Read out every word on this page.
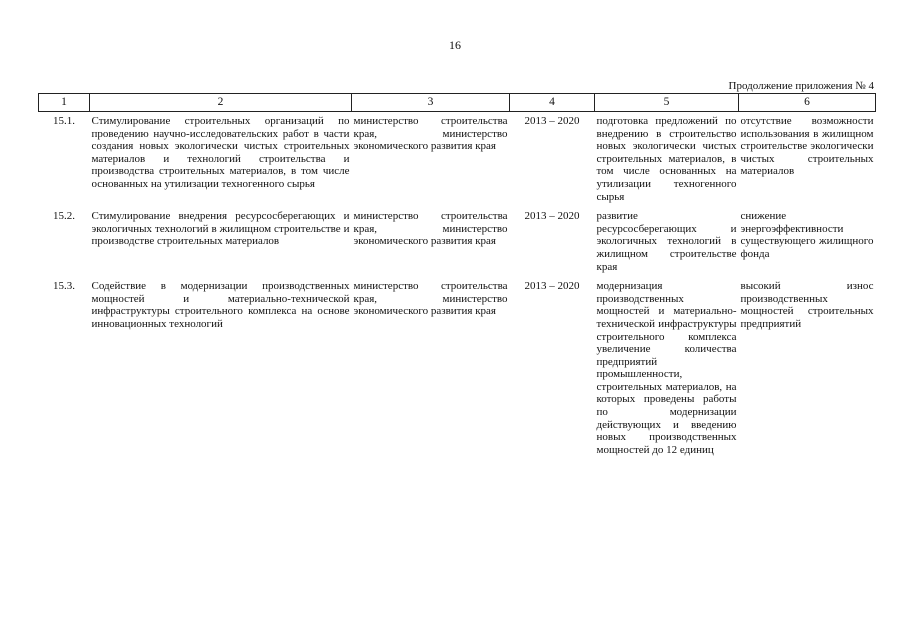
16
Продолжение приложения № 4
1	2	3	4	5	6
15.1.	Стимулирование строительных организаций по проведению научно-исследовательских работ в части создания новых экологически чистых строительных материалов и технологий строительства и производства строительных материалов, в том числе основанных на утилизации техногенного сырья	министерство строительства края, министерство экономического развития края	2013 – 2020	подготовка предложений по внедрению в строительство новых экологически чистых строительных материалов, в том числе основанных на утилизации техногенного сырья	отсутствие возможности использования в жилищном строительстве экологически чистых строительных материалов
15.2.	Стимулирование внедрения ресурсосберегающих и экологичных технологий в жилищном строительстве и производстве строительных материалов	министерство строительства края, министерство экономического развития края	2013 – 2020	развитие ресурсосберегающих и экологичных технологий в жилищном строительстве края	снижение энергоэффективности существующего жилищного фонда
15.3.	Содействие в модернизации производственных мощностей и материально-технической инфраструктуры строительного комплекса на основе инновационных технологий	министерство строительства края, министерство экономического развития края	2013 – 2020	модернизация производственных мощностей и материально-технической инфраструктуры строительного комплекса увеличение количества предприятий промышленности, строительных материалов, на которых проведены работы по модернизации действующих и введению новых производственных мощностей до 12 единиц	высокий износ производственных мощностей строительных предприятий
